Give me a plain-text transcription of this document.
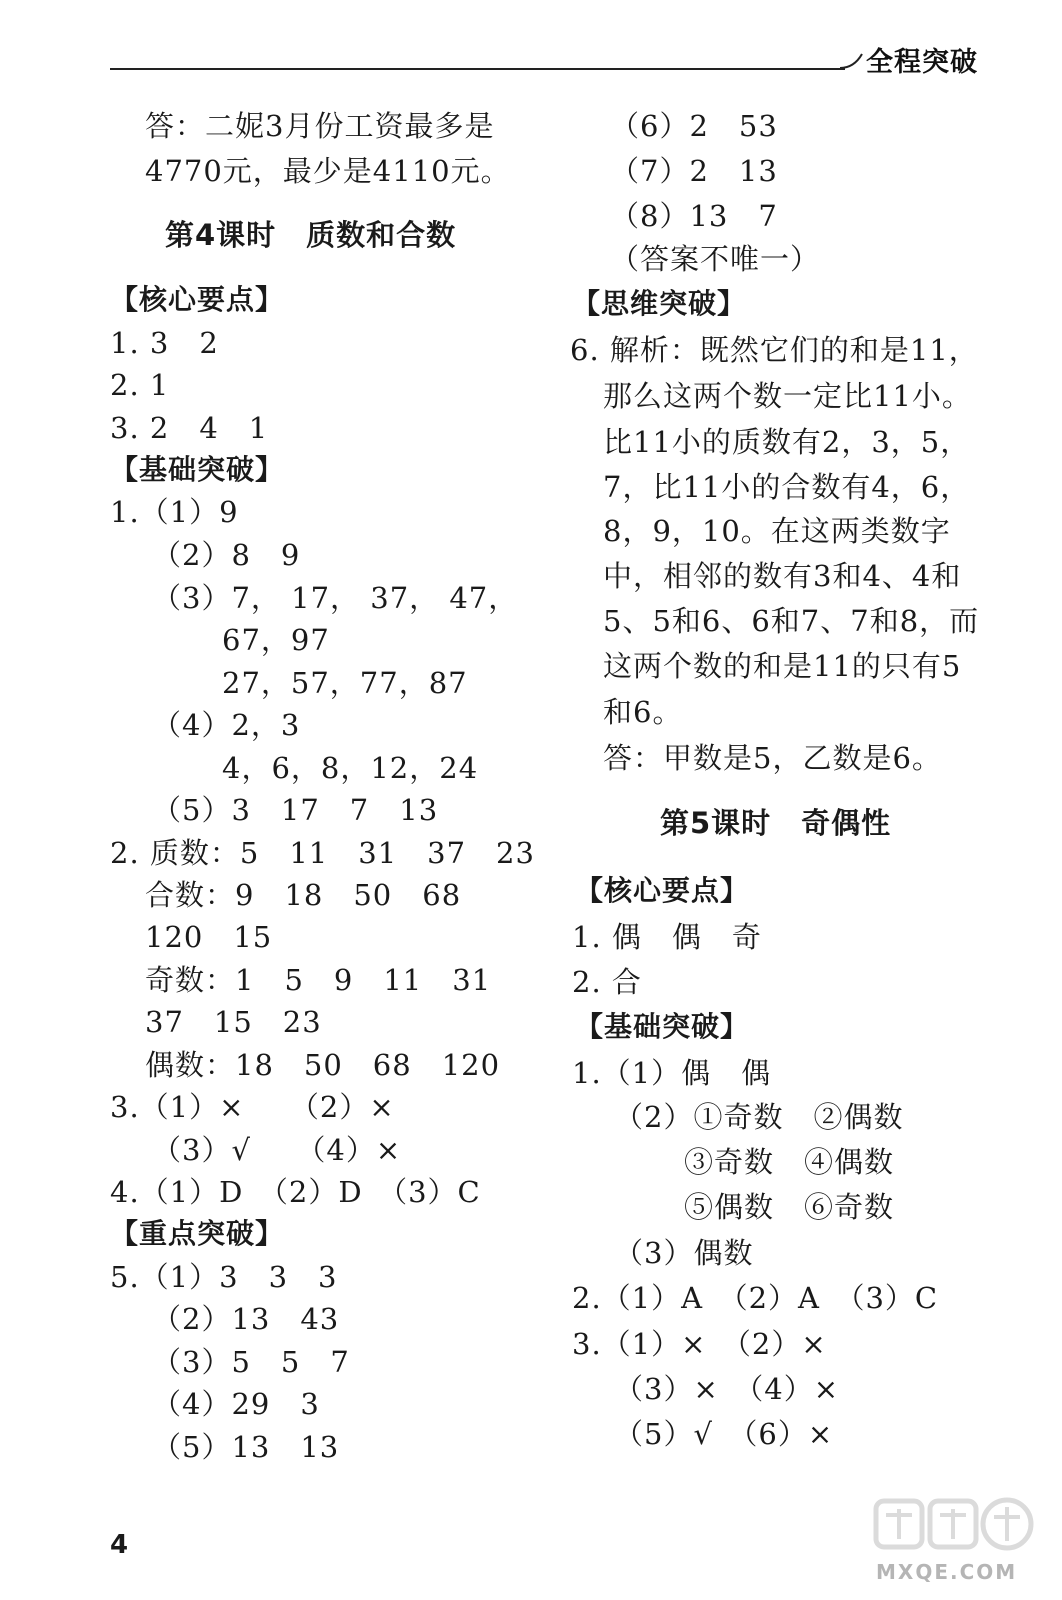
全程突破
答：二妮3月份工资最多是
4770元，最少是4110元。
第4课时　质数和合数
【核心要点】
1. 3　2
2. 1
3. 2　4　1
【基础突破】
1.（1）9
（2）8　9
（3）7， 17， 37， 47，
67，97
27，57，77，87
（4）2，3
4，6，8，12，24
（5）3　17　7　13
2. 质数：5　11　31　37　23
合数：9　18　50　68
120　15
奇数：1　5　9　11　31
37　15　23
偶数：18　50　68　120
3.（1）×　　（2）×
（3）√　　（4）×
4.（1）D　（2）D　（3）C
【重点突破】
5.（1）3　3　3
（2）13　43
（3）5　5　7
（4）29　3
（5）13　13
（6）2　53
（7）2　13
（8）13　7
（答案不唯一）
【思维突破】
6. 解析：既然它们的和是11，
那么这两个数一定比11小。
比11小的质数有2，3，5，
7，比11小的合数有4，6，
8，9，10。在这两类数字
中，相邻的数有3和4、4和
5、5和6、6和7、7和8，而
这两个数的和是11的只有5
和6。
答：甲数是5，乙数是6。
第5课时　奇偶性
【核心要点】
1. 偶　偶　奇
2. 合
【基础突破】
1.（1）偶　偶
（2）①奇数　②偶数
③奇数　④偶数
⑤偶数　⑥奇数
（3）偶数
2.（1）A　（2）A　（3）C
3.（1）×　（2）×
（3）×　（4）×
（5）√　（6）×
4
MXQE.COM
